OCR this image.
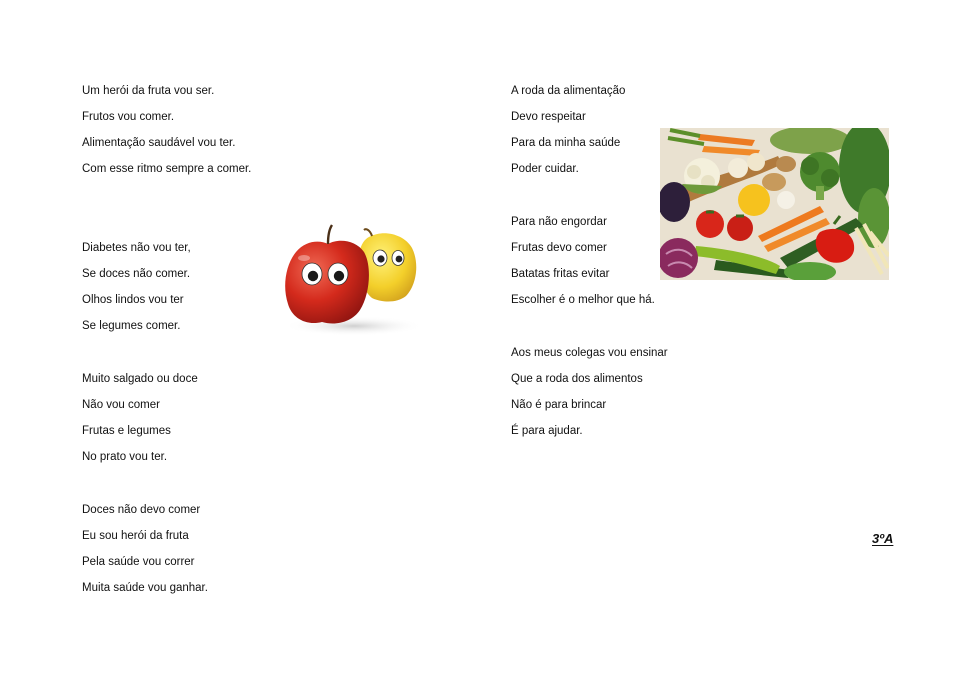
Um herói da fruta vou ser.
Frutos vou comer.
Alimentação saudável vou ter.
Com esse ritmo sempre a comer.
Diabetes não vou ter,
Se doces não comer.
Olhos lindos vou ter
Se legumes comer.
Muito salgado ou doce
Não vou comer
Frutas e legumes
No prato vou ter.
Doces não devo comer
Eu sou herói da fruta
Pela saúde vou correr
Muita saúde vou ganhar.
A roda da alimentação
Devo respeitar
Para da minha saúde
Poder cuidar.
Para não engordar
Frutas devo comer
Batatas fritas evitar
Escolher é o melhor que há.
Aos meus colegas vou ensinar
Que a roda dos alimentos
Não é para brincar
É para ajudar.
3ºA
